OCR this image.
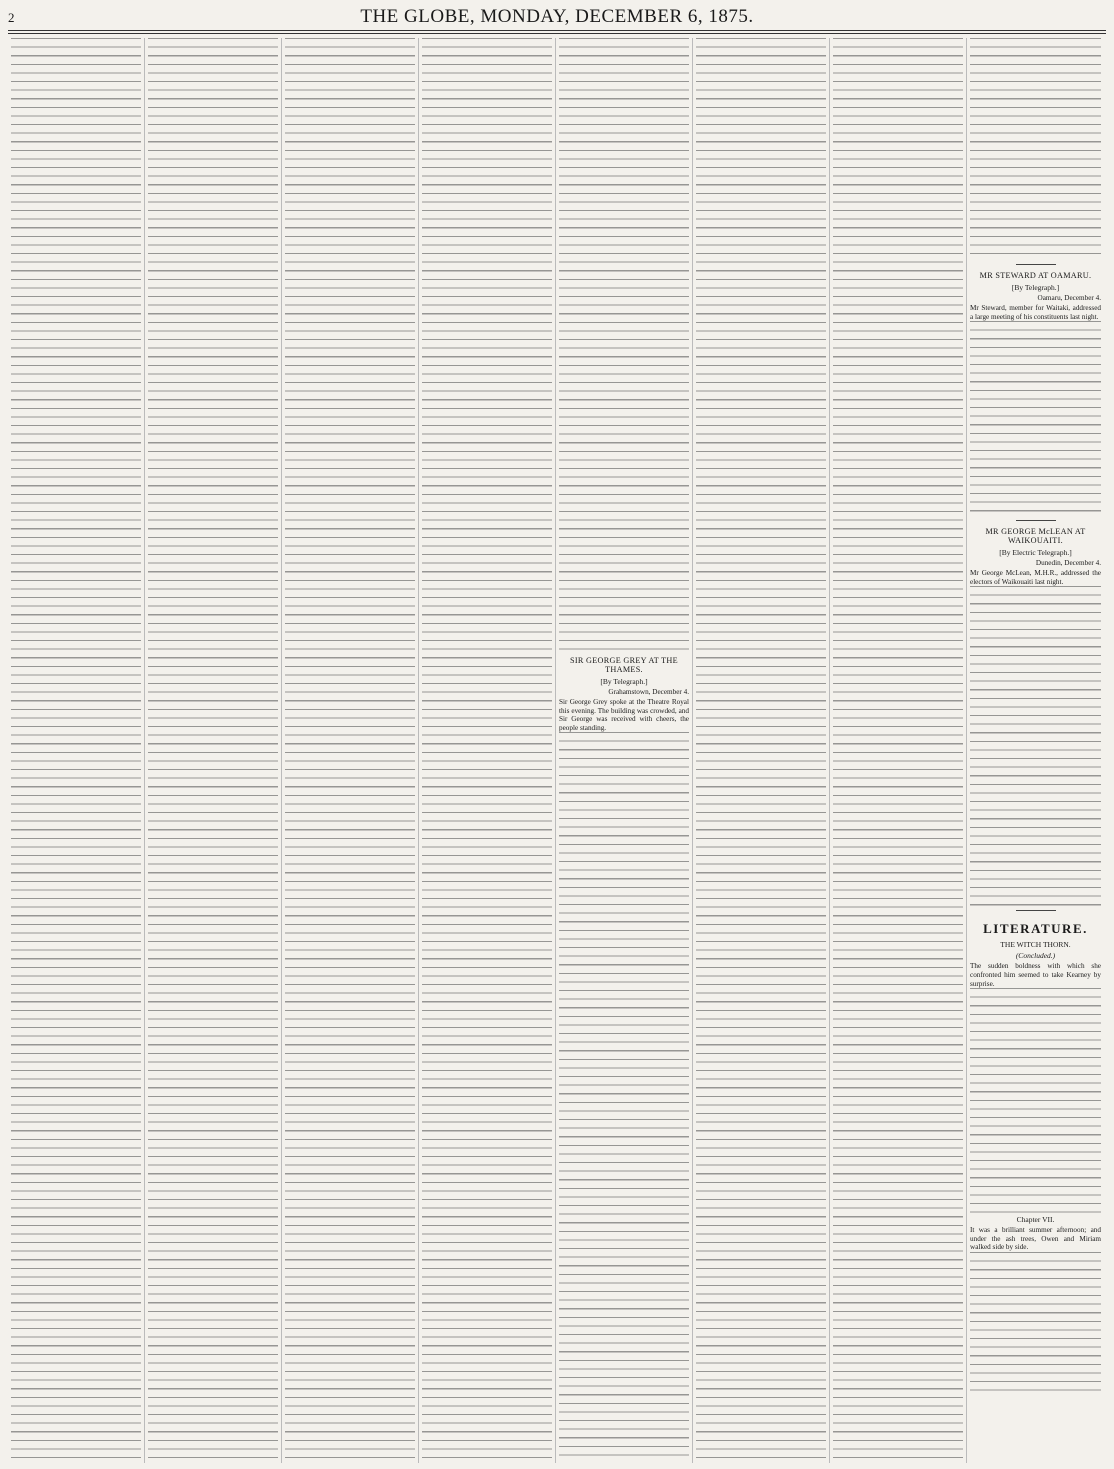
2	THE GLOBE, MONDAY, DECEMBER 6, 1875.
SIR GEORGE GREY AT THE THAMES.
[By Telegraph.]
Grahamstown, December 4.

Sir George Grey spoke at the Theatre Royal this evening. The building was crowded, and Sir George was received with cheers, the people standing.

MR STEWARD AT OAMARU.
[By Telegraph.]
Oamaru, December 4.

Mr Steward, member for Waitaki, addressed a large meeting of his constituents last night.

MR GEORGE McLEAN AT WAIKOUAITI.
[By Electric Telegraph.]
Dunedin, December 4.

Mr George McLean, M.H.R., addressed the electors of Waikouaiti last night.

LITERATURE.
THE WITCH THORN.
(Concluded.)

The sudden boldness with which she confronted him seemed to take Kearney by surprise.

Chapter VII.

It was a brilliant summer afternoon; and under the ash trees, Owen and Miriam walked side by side.
